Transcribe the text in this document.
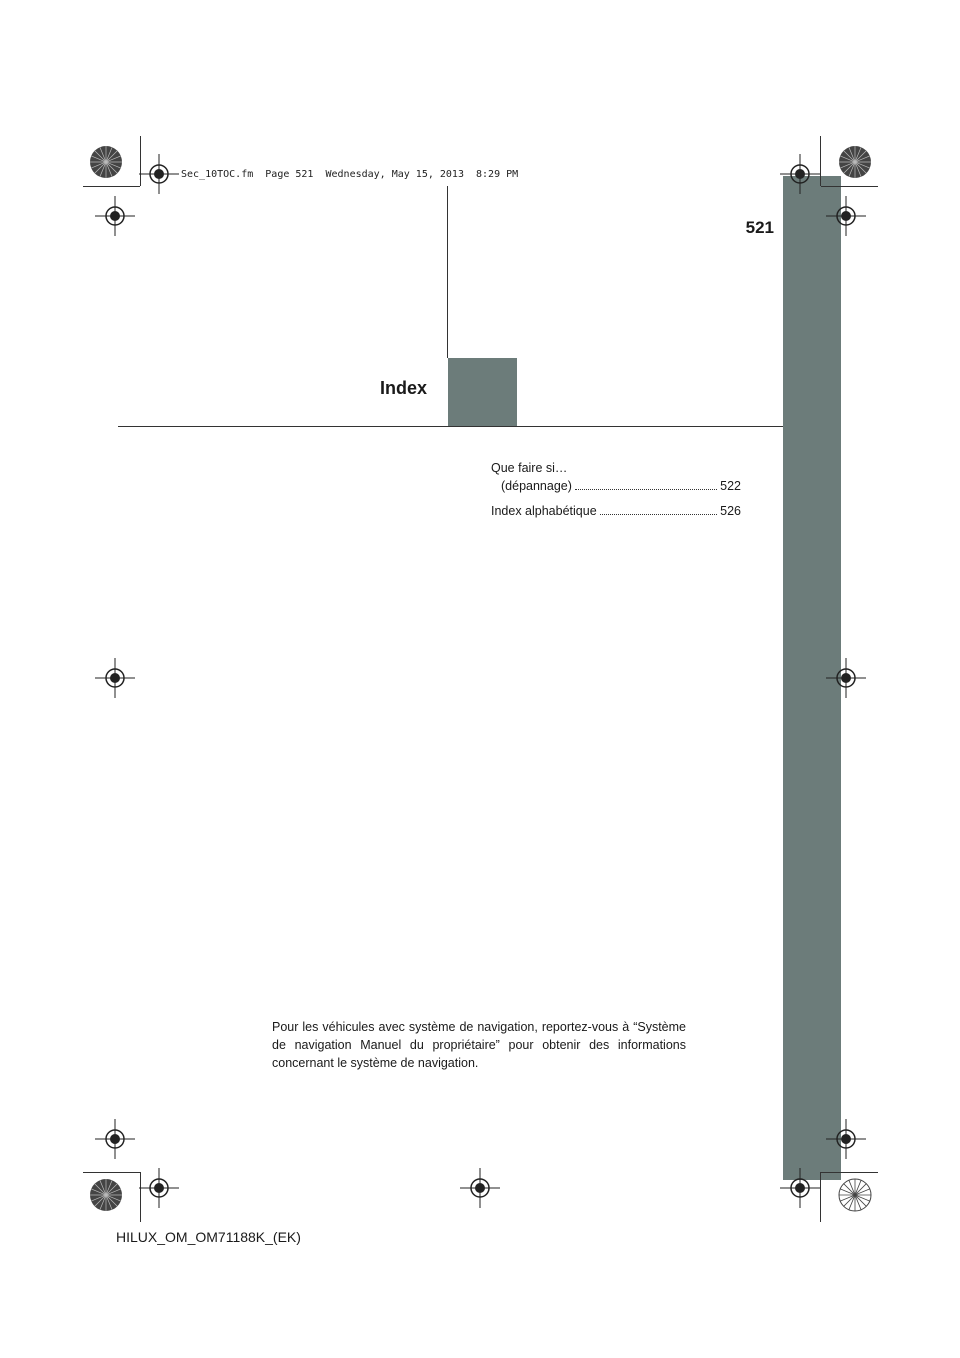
Sec_10TOC.fm  Page 521  Wednesday, May 15, 2013  8:29 PM
521
Index
Que faire si…
(dépannage)	522
Index alphabétique	526
Pour les véhicules avec système de navigation, reportez-vous à “Système de navigation Manuel du propriétaire” pour obtenir des informations concernant le système de navigation.
HILUX_OM_OM71188K_(EK)
